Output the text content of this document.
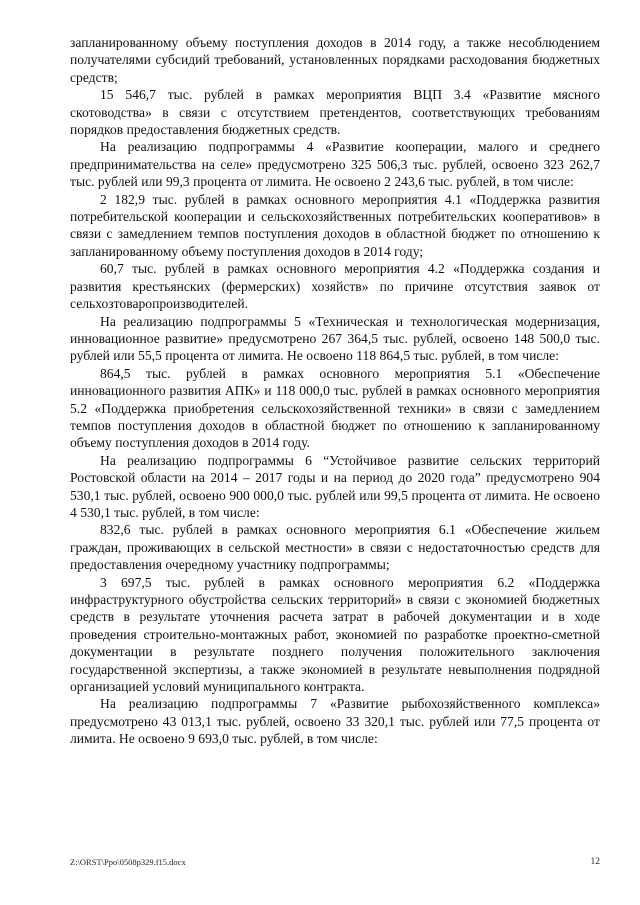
запланированному объему поступления доходов в 2014 году, а также несоблюдением получателями субсидий требований, установленных порядками расходования бюджетных средств;

15 546,7 тыс. рублей в рамках мероприятия ВЦП 3.4 «Развитие мясного скотоводства» в связи с отсутствием претендентов, соответствующих требованиям порядков предоставления бюджетных средств.

На реализацию подпрограммы 4 «Развитие кооперации, малого и среднего предпринимательства на селе» предусмотрено 325 506,3 тыс. рублей, освоено 323 262,7 тыс. рублей или 99,3 процента от лимита. Не освоено 2 243,6 тыс. рублей, в том числе:

2 182,9 тыс. рублей в рамках основного мероприятия 4.1 «Поддержка развития потребительской кооперации и сельскохозяйственных потребительских кооперативов» в связи с замедлением темпов поступления доходов в областной бюджет по отношению к запланированному объему поступления доходов в 2014 году;

60,7 тыс. рублей в рамках основного мероприятия 4.2 «Поддержка создания и развития крестьянских (фермерских) хозяйств» по причине отсутствия заявок от сельхозтоваропроизводителей.

На реализацию подпрограммы 5 «Техническая и технологическая модернизация, инновационное развитие» предусмотрено 267 364,5 тыс. рублей, освоено 148 500,0 тыс. рублей или 55,5 процента от лимита. Не освоено 118 864,5 тыс. рублей, в том числе:

864,5 тыс. рублей в рамках основного мероприятия 5.1 «Обеспечение инновационного развития АПК» и 118 000,0 тыс. рублей в рамках основного мероприятия 5.2 «Поддержка приобретения сельскохозяйственной техники» в связи с замедлением темпов поступления доходов в областной бюджет по отношению к запланированному объему поступления доходов в 2014 году.

На реализацию подпрограммы 6 “Устойчивое развитие сельских территорий Ростовской области на 2014 – 2017 годы и на период до 2020 года” предусмотрено 904 530,1 тыс. рублей, освоено 900 000,0 тыс. рублей или 99,5 процента от лимита. Не освоено 4 530,1 тыс. рублей, в том числе:

832,6 тыс. рублей в рамках основного мероприятия 6.1 «Обеспечение жильем граждан, проживающих в сельской местности» в связи с недостаточностью средств для предоставления очередному участнику подпрограммы;

3 697,5 тыс. рублей в рамках основного мероприятия 6.2 «Поддержка инфраструктурного обустройства сельских территорий» в связи с экономией бюджетных средств в результате уточнения расчета затрат в рабочей документации и в ходе проведения строительно-монтажных работ, экономией по разработке проектно-сметной документации в результате позднего получения положительного заключения государственной экспертизы, а также экономией в результате невыполнения подрядной организацией условий муниципального контракта.

На реализацию подпрограммы 7 «Развитие рыбохозяйственного комплекса» предусмотрено 43 013,1 тыс. рублей, освоено 33 320,1 тыс. рублей или 77,5 процента от лимита. Не освоено 9 693,0 тыс. рублей, в том числе:

Z:\ORST\Ppo\0508p329.f15.docx	12
